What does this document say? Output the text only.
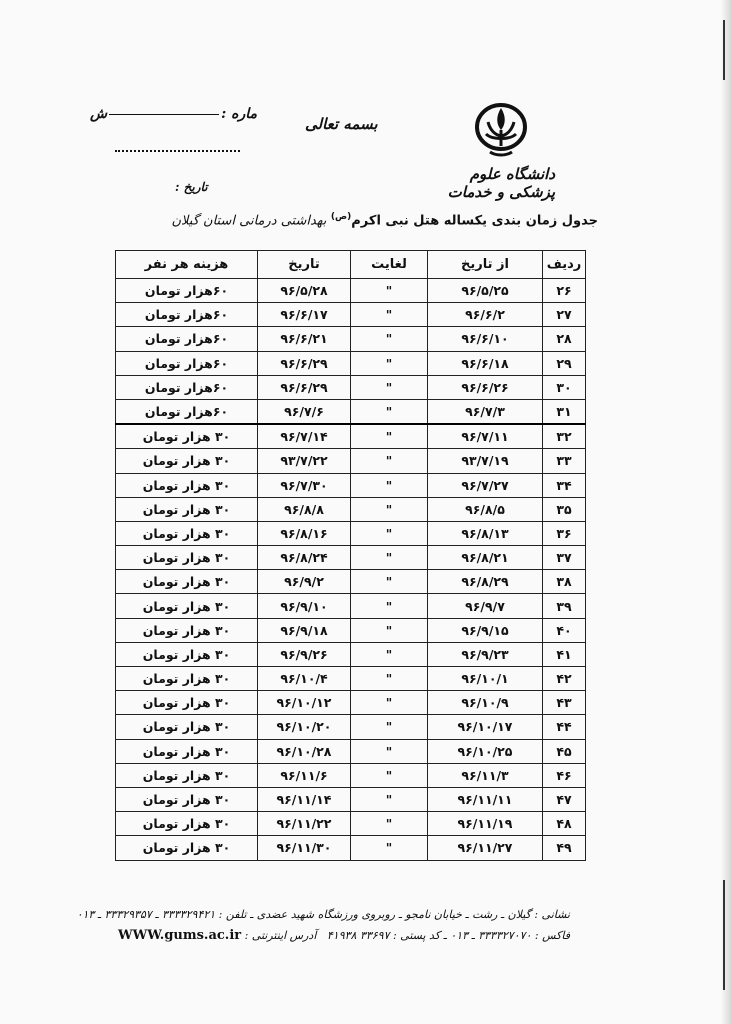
دانشگاه علوم پزشکی و خدمات
بسمه تعالی
ماره :ش
تاریخ :
جدول زمان بندی یکساله هتل نبی اکرم$^{(ص)}$ بهداشتی درمانی استان گیلان
ردیف	از تاریخ	لغایت	تاریخ	هزینه هر نفر
۲۶	۹۶/۵/۲۵	"	۹۶/۵/۲۸	۶۰هزار تومان
۲۷	۹۶/۶/۲	"	۹۶/۶/۱۷	۶۰هزار تومان
۲۸	۹۶/۶/۱۰	"	۹۶/۶/۲۱	۶۰هزار تومان
۲۹	۹۶/۶/۱۸	"	۹۶/۶/۲۹	۶۰هزار تومان
۳۰	۹۶/۶/۲۶	"	۹۶/۶/۲۹	۶۰هزار تومان
۳۱	۹۶/۷/۳	"	۹۶/۷/۶	۶۰هزار تومان
۳۲	۹۶/۷/۱۱	"	۹۶/۷/۱۴	۳۰ هزار تومان
۳۳	۹۳/۷/۱۹	"	۹۳/۷/۲۲	۳۰ هزار تومان
۳۴	۹۶/۷/۲۷	"	۹۶/۷/۳۰	۳۰ هزار تومان
۳۵	۹۶/۸/۵	"	۹۶/۸/۸	۳۰ هزار تومان
۳۶	۹۶/۸/۱۳	"	۹۶/۸/۱۶	۳۰ هزار تومان
۳۷	۹۶/۸/۲۱	"	۹۶/۸/۲۴	۳۰ هزار تومان
۳۸	۹۶/۸/۲۹	"	۹۶/۹/۲	۳۰ هزار تومان
۳۹	۹۶/۹/۷	"	۹۶/۹/۱۰	۳۰ هزار تومان
۴۰	۹۶/۹/۱۵	"	۹۶/۹/۱۸	۳۰ هزار تومان
۴۱	۹۶/۹/۲۳	"	۹۶/۹/۲۶	۳۰ هزار تومان
۴۲	۹۶/۱۰/۱	"	۹۶/۱۰/۴	۳۰ هزار تومان
۴۳	۹۶/۱۰/۹	"	۹۶/۱۰/۱۲	۳۰ هزار تومان
۴۴	۹۶/۱۰/۱۷	"	۹۶/۱۰/۲۰	۳۰ هزار تومان
۴۵	۹۶/۱۰/۲۵	"	۹۶/۱۰/۲۸	۳۰ هزار تومان
۴۶	۹۶/۱۱/۳	"	۹۶/۱۱/۶	۳۰ هزار تومان
۴۷	۹۶/۱۱/۱۱	"	۹۶/۱۱/۱۴	۳۰ هزار تومان
۴۸	۹۶/۱۱/۱۹	"	۹۶/۱۱/۲۲	۳۰ هزار تومان
۴۹	۹۶/۱۱/۲۷	"	۹۶/۱۱/۳۰	۳۰ هزار تومان
نشانی : گیلان ـ رشت ـ خیابان نامجو ـ روبروی ورزشگاه شهید عضدی ـ تلفن : ۳۳۳۳۲۹۴۲۱ ـ ۳۳۳۲۹۳۵۷ ـ ۰۱۳
فاکس : ۳۳۳۳۲۷۰۷۰ ـ ۰۱۳ ـ کد پستی : ۳۳۶۹۷ ۴۱۹۳۸   آدرس اینترنتی : WWW.gums.ac.ir
